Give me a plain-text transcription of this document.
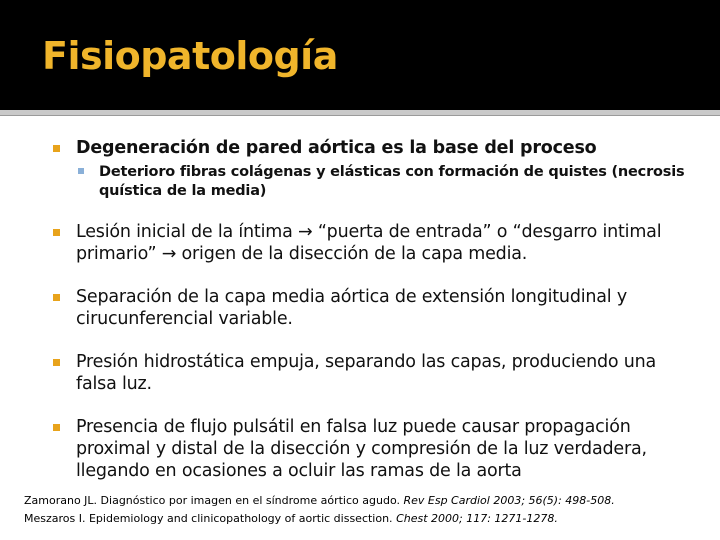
Fisiopatología
Degeneración de pared aórtica es la base del proceso
Deterioro fibras colágenas y elásticas con formación de quistes (necrosis quística de la media)
Lesión inicial de la íntima → “puerta de entrada” o “desgarro intimal primario” → origen de la disección de la capa media.
Separación de la capa media aórtica de extensión longitudinal y cirucunferencial variable.
Presión hidrostática empuja, separando las capas, produciendo una falsa luz.
Presencia de flujo pulsátil en falsa luz puede causar propagación proximal y distal de la disección y compresión de la luz verdadera, llegando en ocasiones a ocluir las ramas de la aorta
Zamorano JL. Diagnóstico por imagen en el síndrome aórtico agudo. Rev Esp Cardiol 2003; 56(5): 498-508.
Meszaros I. Epidemiology and clinicopathology of aortic dissection. Chest 2000; 117: 1271-1278.
